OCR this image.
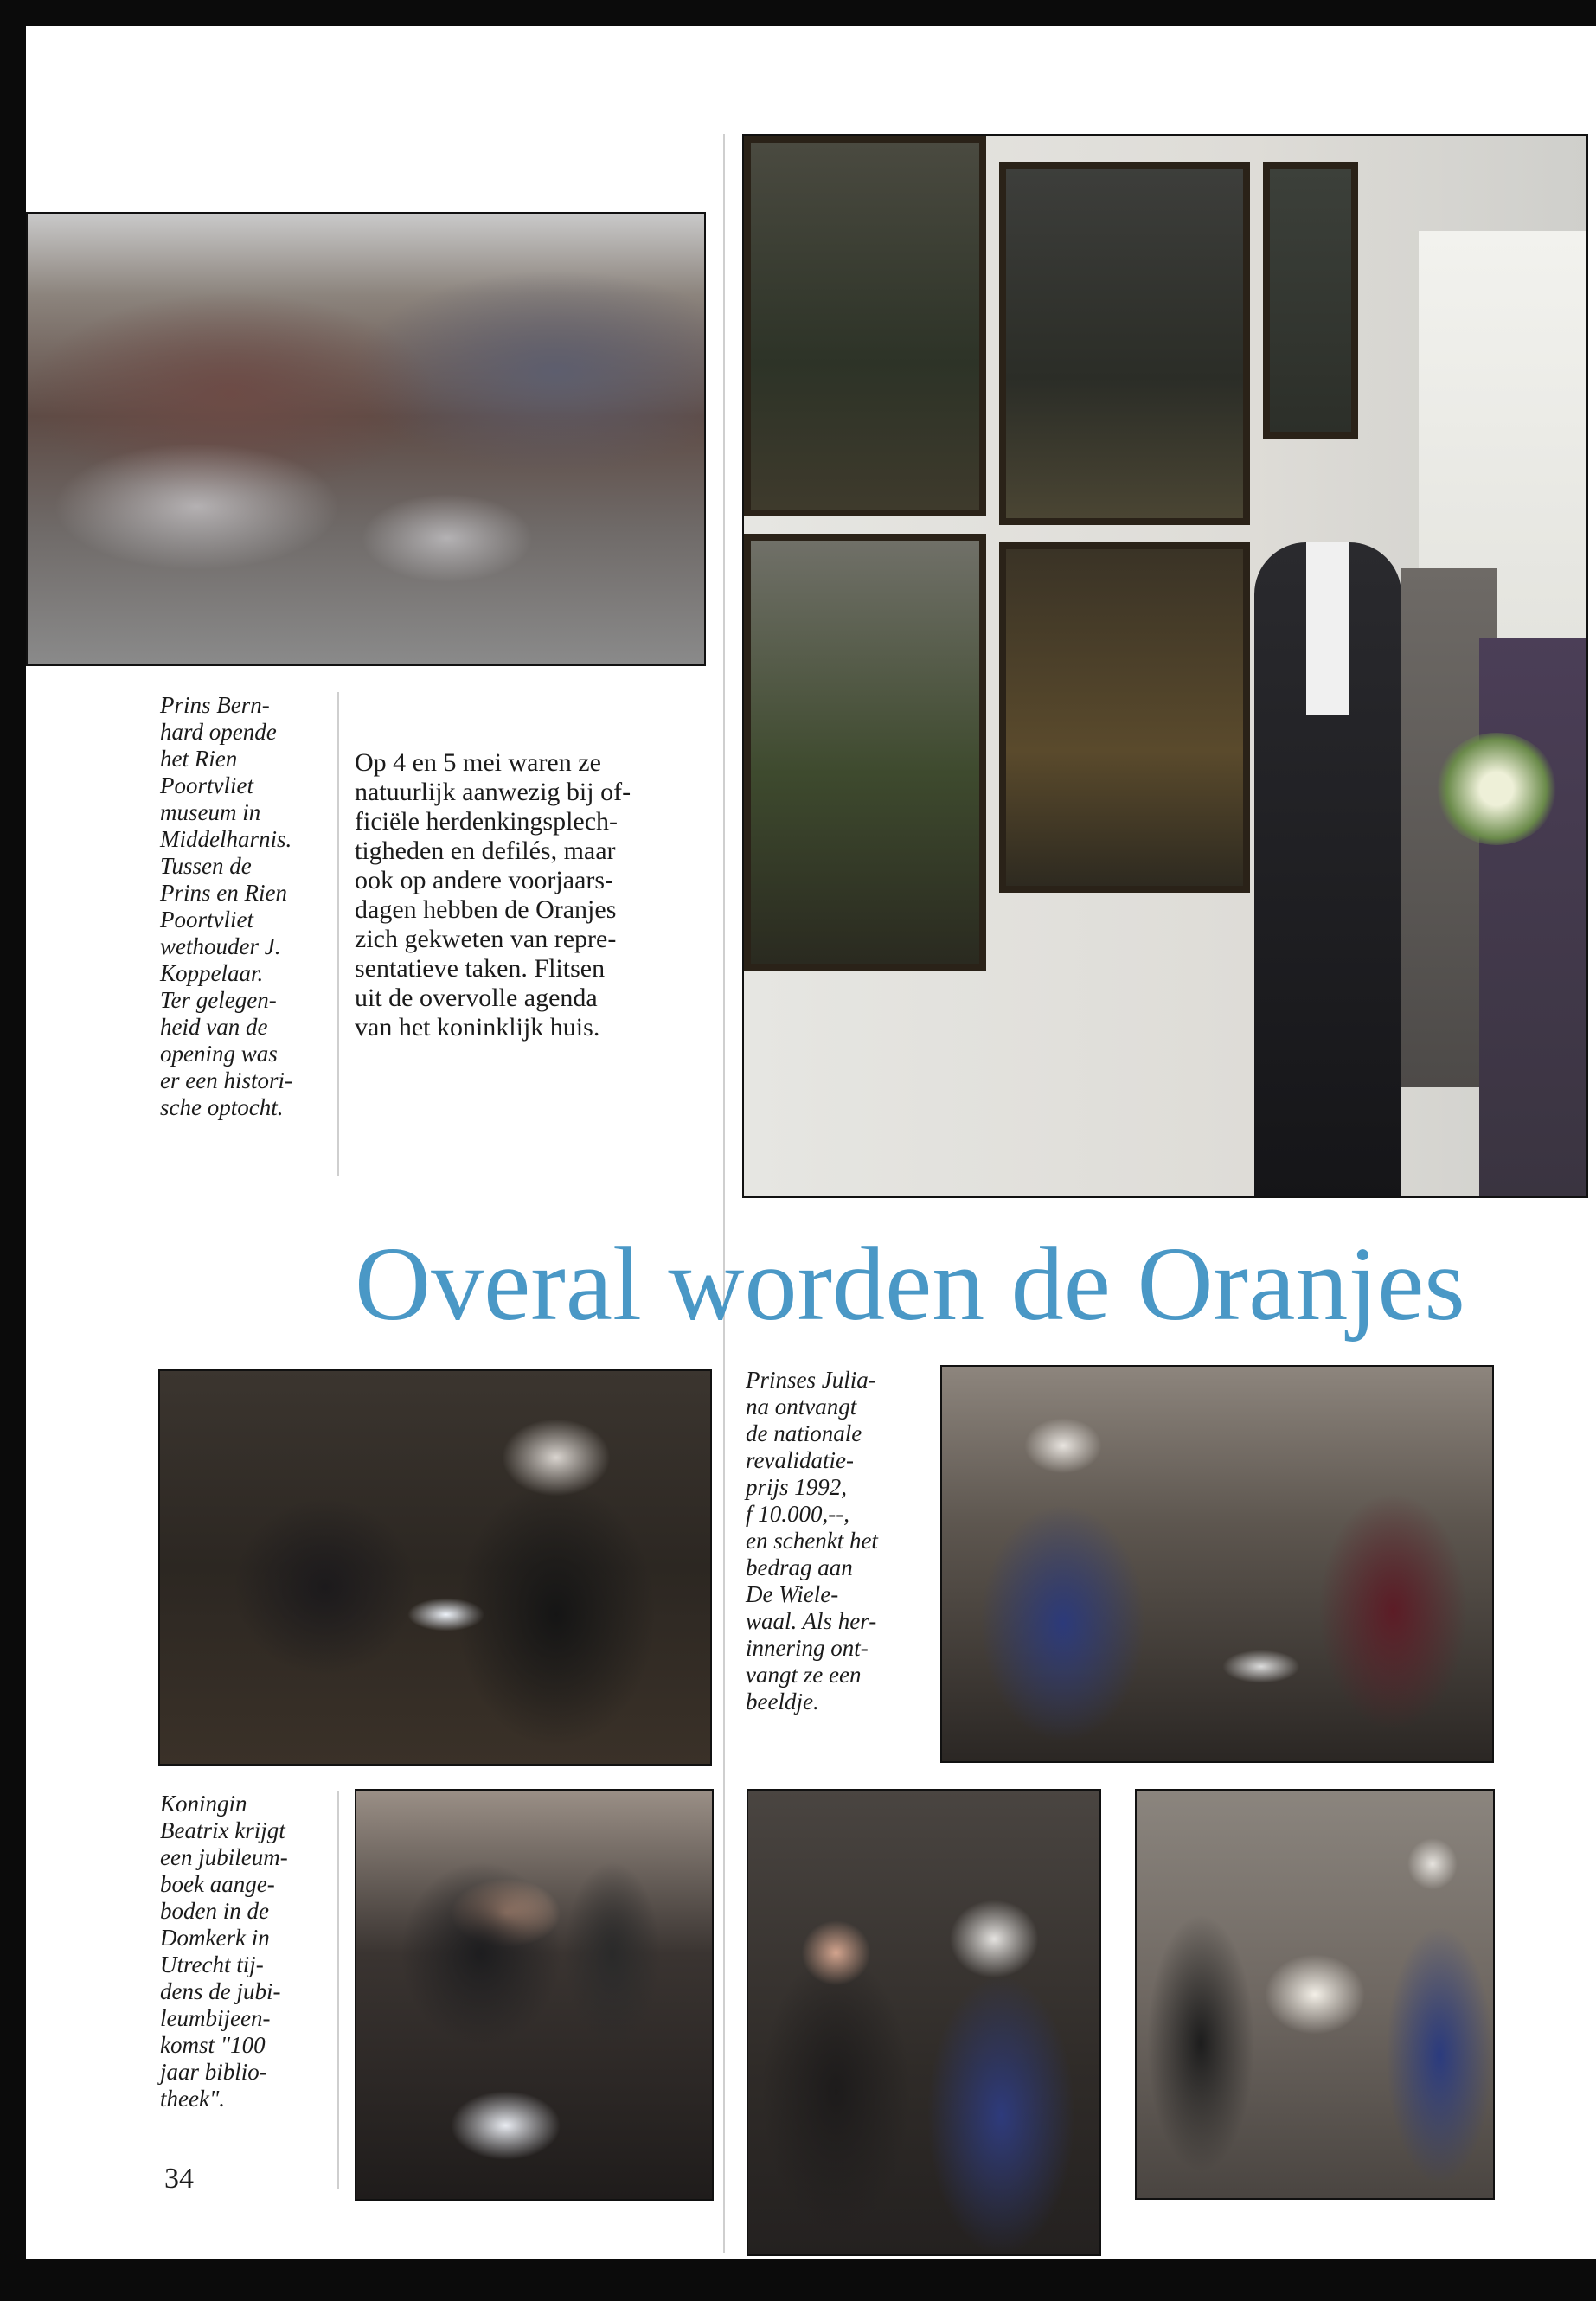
Prins Bern-
hard opende
het Rien
Poortvliet
museum in
Middelharnis.
Tussen de
Prins en Rien
Poortvliet
wethouder J.
Koppelaar.
Ter gelegen-
heid van de
opening was
er een histori-
sche optocht.
Op 4 en 5 mei waren ze
natuurlijk aanwezig bij of-
ficiële herdenkingsplech-
tigheden en defilés, maar
ook op andere voorjaars-
dagen hebben de Oranjes
zich gekweten van repre-
sentatieve taken. Flitsen
uit de overvolle agenda
van het koninklijk huis.
Overal worden de Oranjes
Prinses Julia-
na ontvangt
de nationale
revalidatie-
prijs 1992,
f 10.000,--,
en schenkt het
bedrag aan
De Wiele-
waal. Als her-
innering ont-
vangt ze een
beeldje.
Koningin
Beatrix krijgt
een jubileum-
boek aange-
boden in de
Domkerk in
Utrecht tij-
dens de jubi-
leumbijeen-
komst "100
jaar biblio-
theek".
34
